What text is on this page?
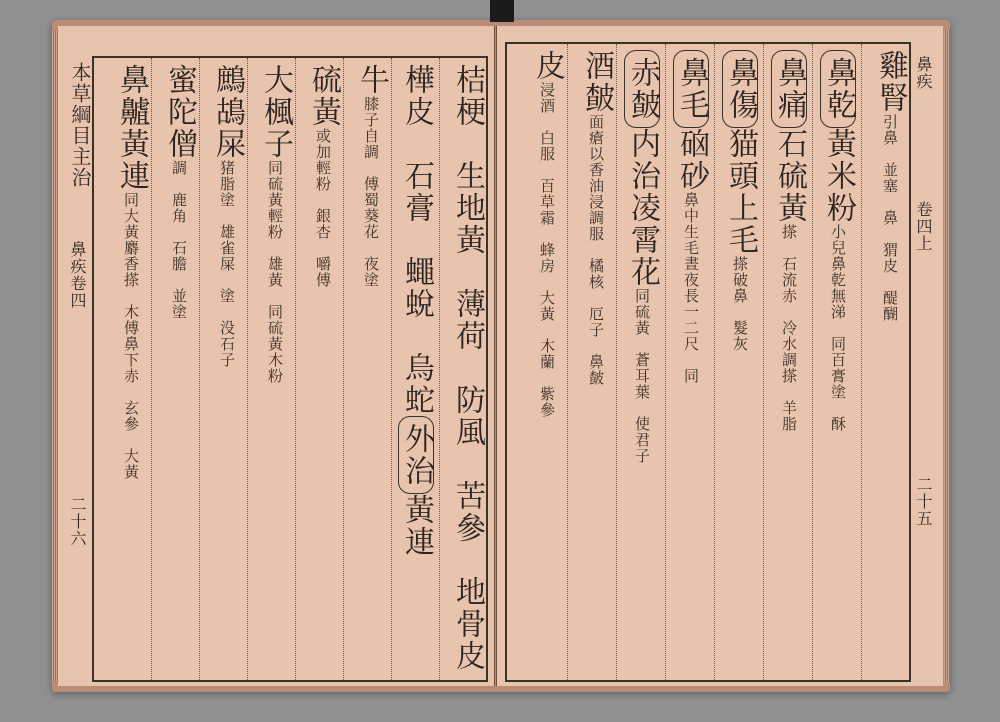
本草綱目主治
鼻疾卷四
二十六	桔梗　生地黃　薄荷　防風　苦參　地骨皮
樺皮　石膏　蠅蛻　烏蛇外治黃連
牛膝子自調　傅蜀葵花　夜塗
硫黃或加輕粉　銀杏　嚼傅
大楓子同硫黃輕粉　雄黃　同硫黃木粉
鷓鴣屎猪脂塗　雄雀屎　塗　没石子
蜜陀僧調　鹿角　石膽　並塗
鼻齇黃連同大黃麝香搽　木傅鼻下赤　玄參　大黃
雞腎引鼻　並塞　鼻　猬皮　醍醐
鼻乾黃米粉小兒鼻乾無涕　同百膏塗　酥
鼻痛石硫黃搽　石流赤　冷水調搽　羊脂
鼻傷猫頭上毛搽破鼻　髮灰
鼻毛硇砂鼻中生毛晝夜長一二尺　同
赤皶内治凌霄花同硫黃　蒼耳葉　使君子
酒皶面瘡以香油浸調服　橘核　厄子　鼻皶
皮浸酒　白服　百草霜　蜂房　大黃　木蘭　紫參
鼻疾
卷四上
二十五
